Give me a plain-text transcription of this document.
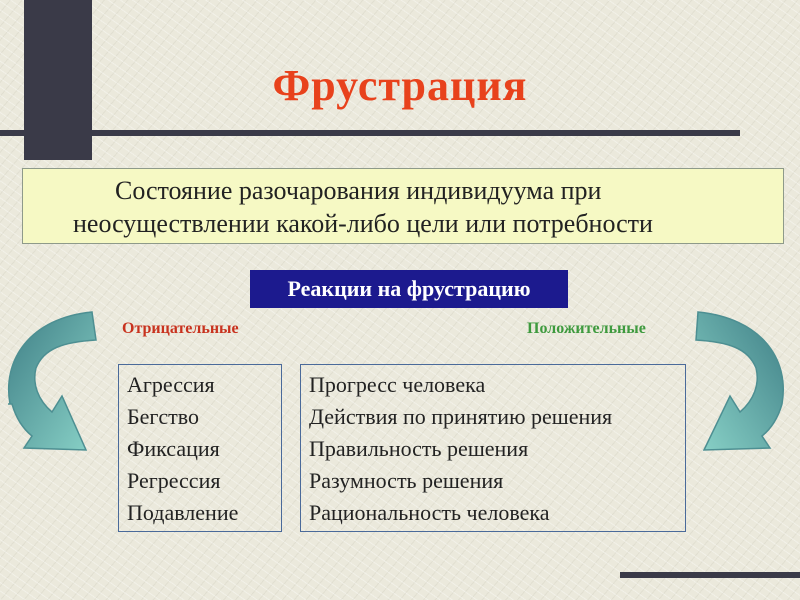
Фрустрация
Состояние разочарования индивидуума при
неосуществлении какой-либо цели или потребности
Реакции на фрустрацию
Отрицательные	Положительные
Агрессия
Бегство
Фиксация
Регрессия
Подавление
Прогресс человека
Действия по принятию решения
Правильность решения
Разумность решения
Рациональность человека
